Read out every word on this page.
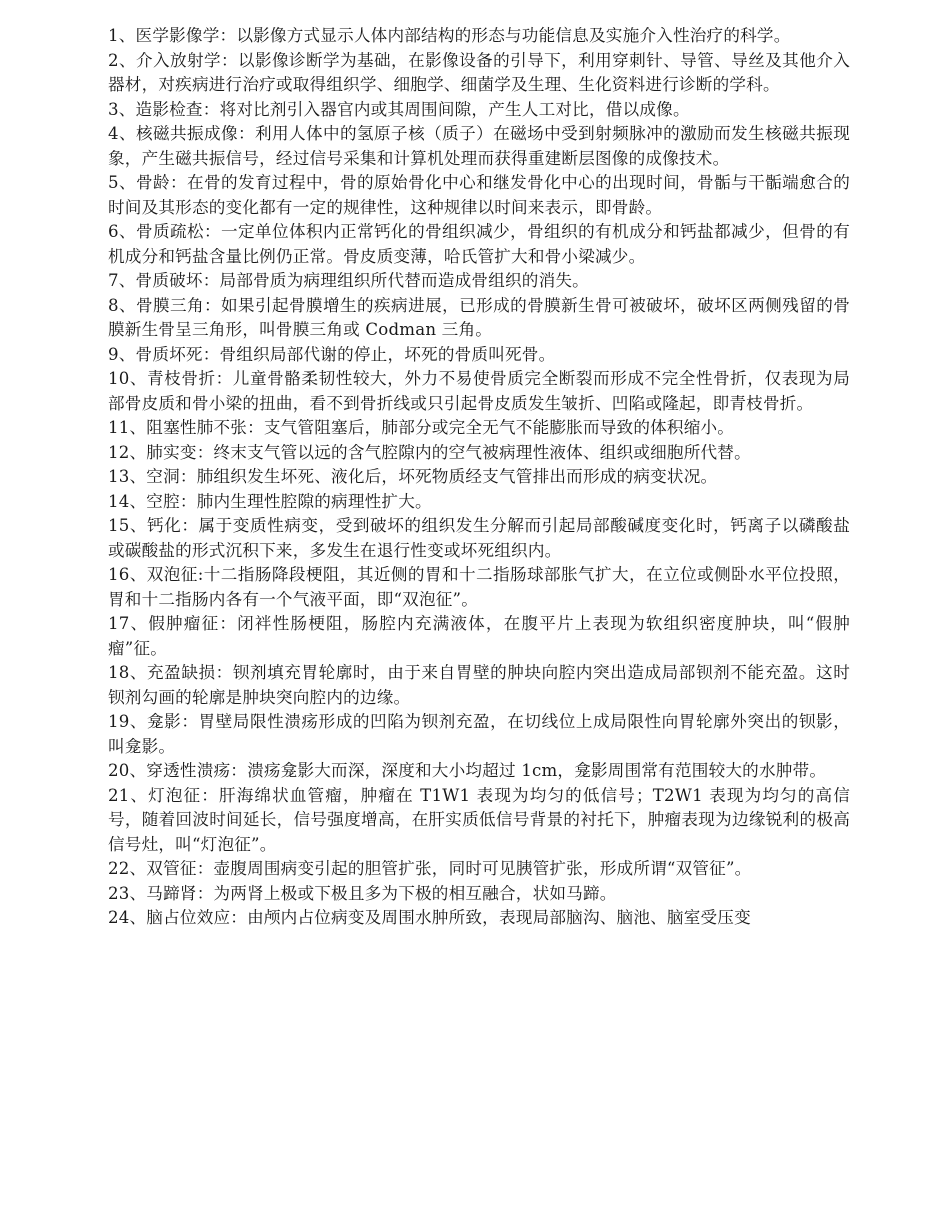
1、医学影像学：以影像方式显示人体内部结构的形态与功能信息及实施介入性治疗的科学。

2、介入放射学：以影像诊断学为基础，在影像设备的引导下，利用穿刺针、导管、导丝及其他介入器材，对疾病进行治疗或取得组织学、细胞学、细菌学及生理、生化资料进行诊断的学科。

3、造影检查：将对比剂引入器官内或其周围间隙，产生人工对比，借以成像。

4、核磁共振成像：利用人体中的氢原子核（质子）在磁场中受到射频脉冲的激励而发生核磁共振现象，产生磁共振信号，经过信号采集和计算机处理而获得重建断层图像的成像技术。

5、骨龄：在骨的发育过程中，骨的原始骨化中心和继发骨化中心的出现时间，骨骺与干骺端愈合的时间及其形态的变化都有一定的规律性，这种规律以时间来表示，即骨龄。

6、骨质疏松：一定单位体积内正常钙化的骨组织减少，骨组织的有机成分和钙盐都减少，但骨的有机成分和钙盐含量比例仍正常。骨皮质变薄，哈氏管扩大和骨小梁减少。

7、骨质破坏：局部骨质为病理组织所代替而造成骨组织的消失。

8、骨膜三角：如果引起骨膜增生的疾病进展，已形成的骨膜新生骨可被破坏，破坏区两侧残留的骨膜新生骨呈三角形，叫骨膜三角或 Codman 三角。

9、骨质坏死：骨组织局部代谢的停止，坏死的骨质叫死骨。

10、青枝骨折：儿童骨骼柔韧性较大，外力不易使骨质完全断裂而形成不完全性骨折，仅表现为局部骨皮质和骨小梁的扭曲，看不到骨折线或只引起骨皮质发生皱折、凹陷或隆起，即青枝骨折。

11、阻塞性肺不张：支气管阻塞后，肺部分或完全无气不能膨胀而导致的体积缩小。

12、肺实变：终末支气管以远的含气腔隙内的空气被病理性液体、组织或细胞所代替。

13、空洞：肺组织发生坏死、液化后，坏死物质经支气管排出而形成的病变状况。

14、空腔：肺内生理性腔隙的病理性扩大。

15、钙化：属于变质性病变，受到破坏的组织发生分解而引起局部酸碱度变化时，钙离子以磷酸盐或碳酸盐的形式沉积下来，多发生在退行性变或坏死组织内。

16、双泡征:十二指肠降段梗阻，其近侧的胃和十二指肠球部胀气扩大，在立位或侧卧水平位投照，胃和十二指肠内各有一个气液平面，即“双泡征”。

17、假肿瘤征：闭袢性肠梗阻，肠腔内充满液体，在腹平片上表现为软组织密度肿块，叫“假肿瘤”征。

18、充盈缺损：钡剂填充胃轮廓时，由于来自胃壁的肿块向腔内突出造成局部钡剂不能充盈。这时钡剂勾画的轮廓是肿块突向腔内的边缘。

19、龛影：胃壁局限性溃疡形成的凹陷为钡剂充盈，在切线位上成局限性向胃轮廓外突出的钡影，叫龛影。

20、穿透性溃疡：溃疡龛影大而深，深度和大小均超过 1cm，龛影周围常有范围较大的水肿带。

21、灯泡征：肝海绵状血管瘤，肿瘤在 T1W1 表现为均匀的低信号；T2W1 表现为均匀的高信号，随着回波时间延长，信号强度增高，在肝实质低信号背景的衬托下，肿瘤表现为边缘锐利的极高信号灶，叫“灯泡征”。

22、双管征：壶腹周围病变引起的胆管扩张，同时可见胰管扩张，形成所谓“双管征”。

23、马蹄肾：为两肾上极或下极且多为下极的相互融合，状如马蹄。

24、脑占位效应：由颅内占位病变及周围水肿所致，表现局部脑沟、脑池、脑室受压变
